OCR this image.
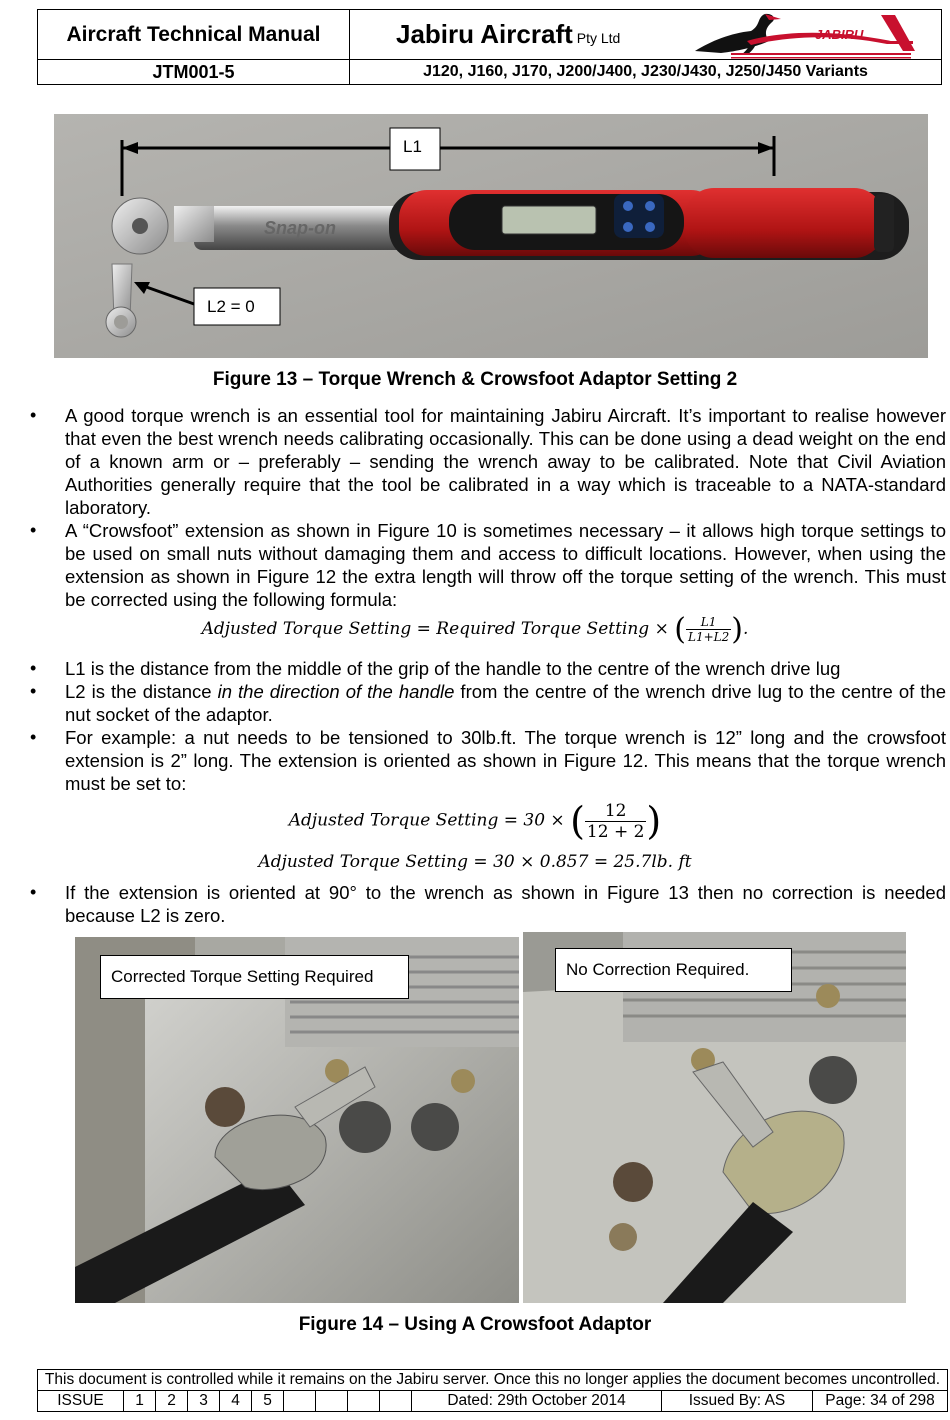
Aircraft Technical Manual	Jabiru Aircraft Pty Ltd JABIRU

JTM001-5	J120, J160, J170, J200/J400, J230/J430, J250/J450 Variants
Snap-on
L1
L2 = 0
Figure 13 – Torque Wrench & Crowsfoot Adaptor Setting 2
• A good torque wrench is an essential tool for maintaining Jabiru Aircraft. It’s important to realise however that even the best wrench needs calibrating occasionally. This can be done using a dead weight on the end of a known arm or – preferably – sending the wrench away to be calibrated. Note that Civil Aviation Authorities generally require that the tool be calibrated in a way which is traceable to a NATA-standard laboratory.
• A “Crowsfoot” extension as shown in Figure 10 is sometimes necessary – it allows high torque settings to be used on small nuts without damaging them and access to difficult locations. However, when using the extension as shown in Figure 12 the extra length will throw off the torque setting of the wrench. This must be corrected using the following formula:
Adjusted Torque Setting = Required Torque Setting × ( $\frac{L1}{L1+L2}$ ).
• L1 is the distance from the middle of the grip of the handle to the centre of the wrench drive lug
• L2 is the distance in the direction of the handle from the centre of the wrench drive lug to the centre of the nut socket of the adaptor.
• For example: a nut needs to be tensioned to 30lb.ft. The torque wrench is 12” long and the crowsfoot extension is 2” long. The extension is oriented as shown in Figure 12. This means that the torque wrench must be set to:
Adjusted Torque Setting = 30 × ( $\frac{12}{12 + 2}$ )
Adjusted Torque Setting = 30 × 0.857 = 25.7lb. ft
• If the extension is oriented at 90° to the wrench as shown in Figure 13 then no correction is needed because L2 is zero.
Corrected Torque Setting Required	No Correction Required.
Figure 14 – Using A Crowsfoot Adaptor
This document is controlled while it remains on the Jabiru server. Once this no longer applies the document becomes uncontrolled.
ISSUE	1	2	3	4	5					Dated: 29th October 2014	Issued By: AS	Page: 34 of 298
